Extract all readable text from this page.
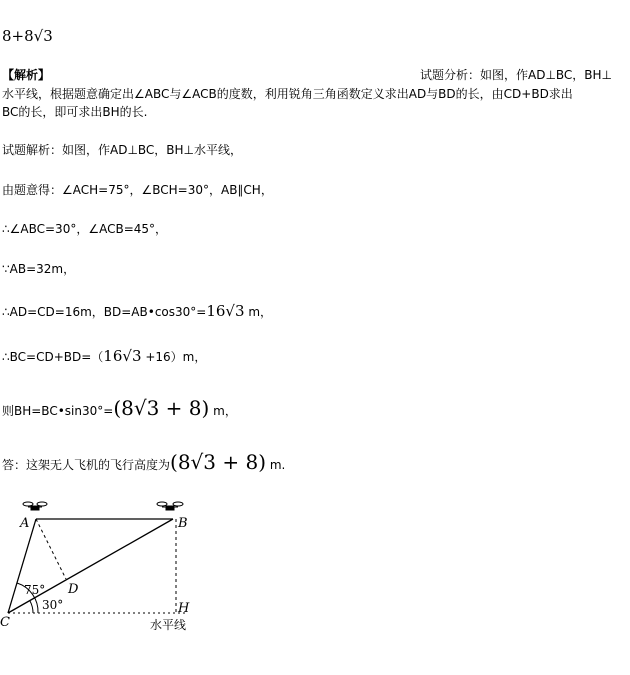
8+8√3
【解析】	试题分析：如图，作AD⊥BC，BH⊥
水平线，根据题意确定出∠ABC与∠ACB的度数，利用锐角三角函数定义求出AD与BD的长，由CD+BD求出
BC的长，即可求出BH的长.
试题解析：如图，作AD⊥BC，BH⊥水平线，
由题意得：∠ACH=75°，∠BCH=30°，AB∥CH，
∴∠ABC=30°，∠ACB=45°，
∵AB=32m，
∴AD=CD=16m，BD=AB•cos30°=16√3 m，
∴BC=CD+BD=（16√3 +16）m，
则BH=BC•sin30°=(8√3 + 8) m，
答：这架无人飞机的飞行高度为(8√3 + 8) m.
A	B
C
D
H
75°
30°
水平线
